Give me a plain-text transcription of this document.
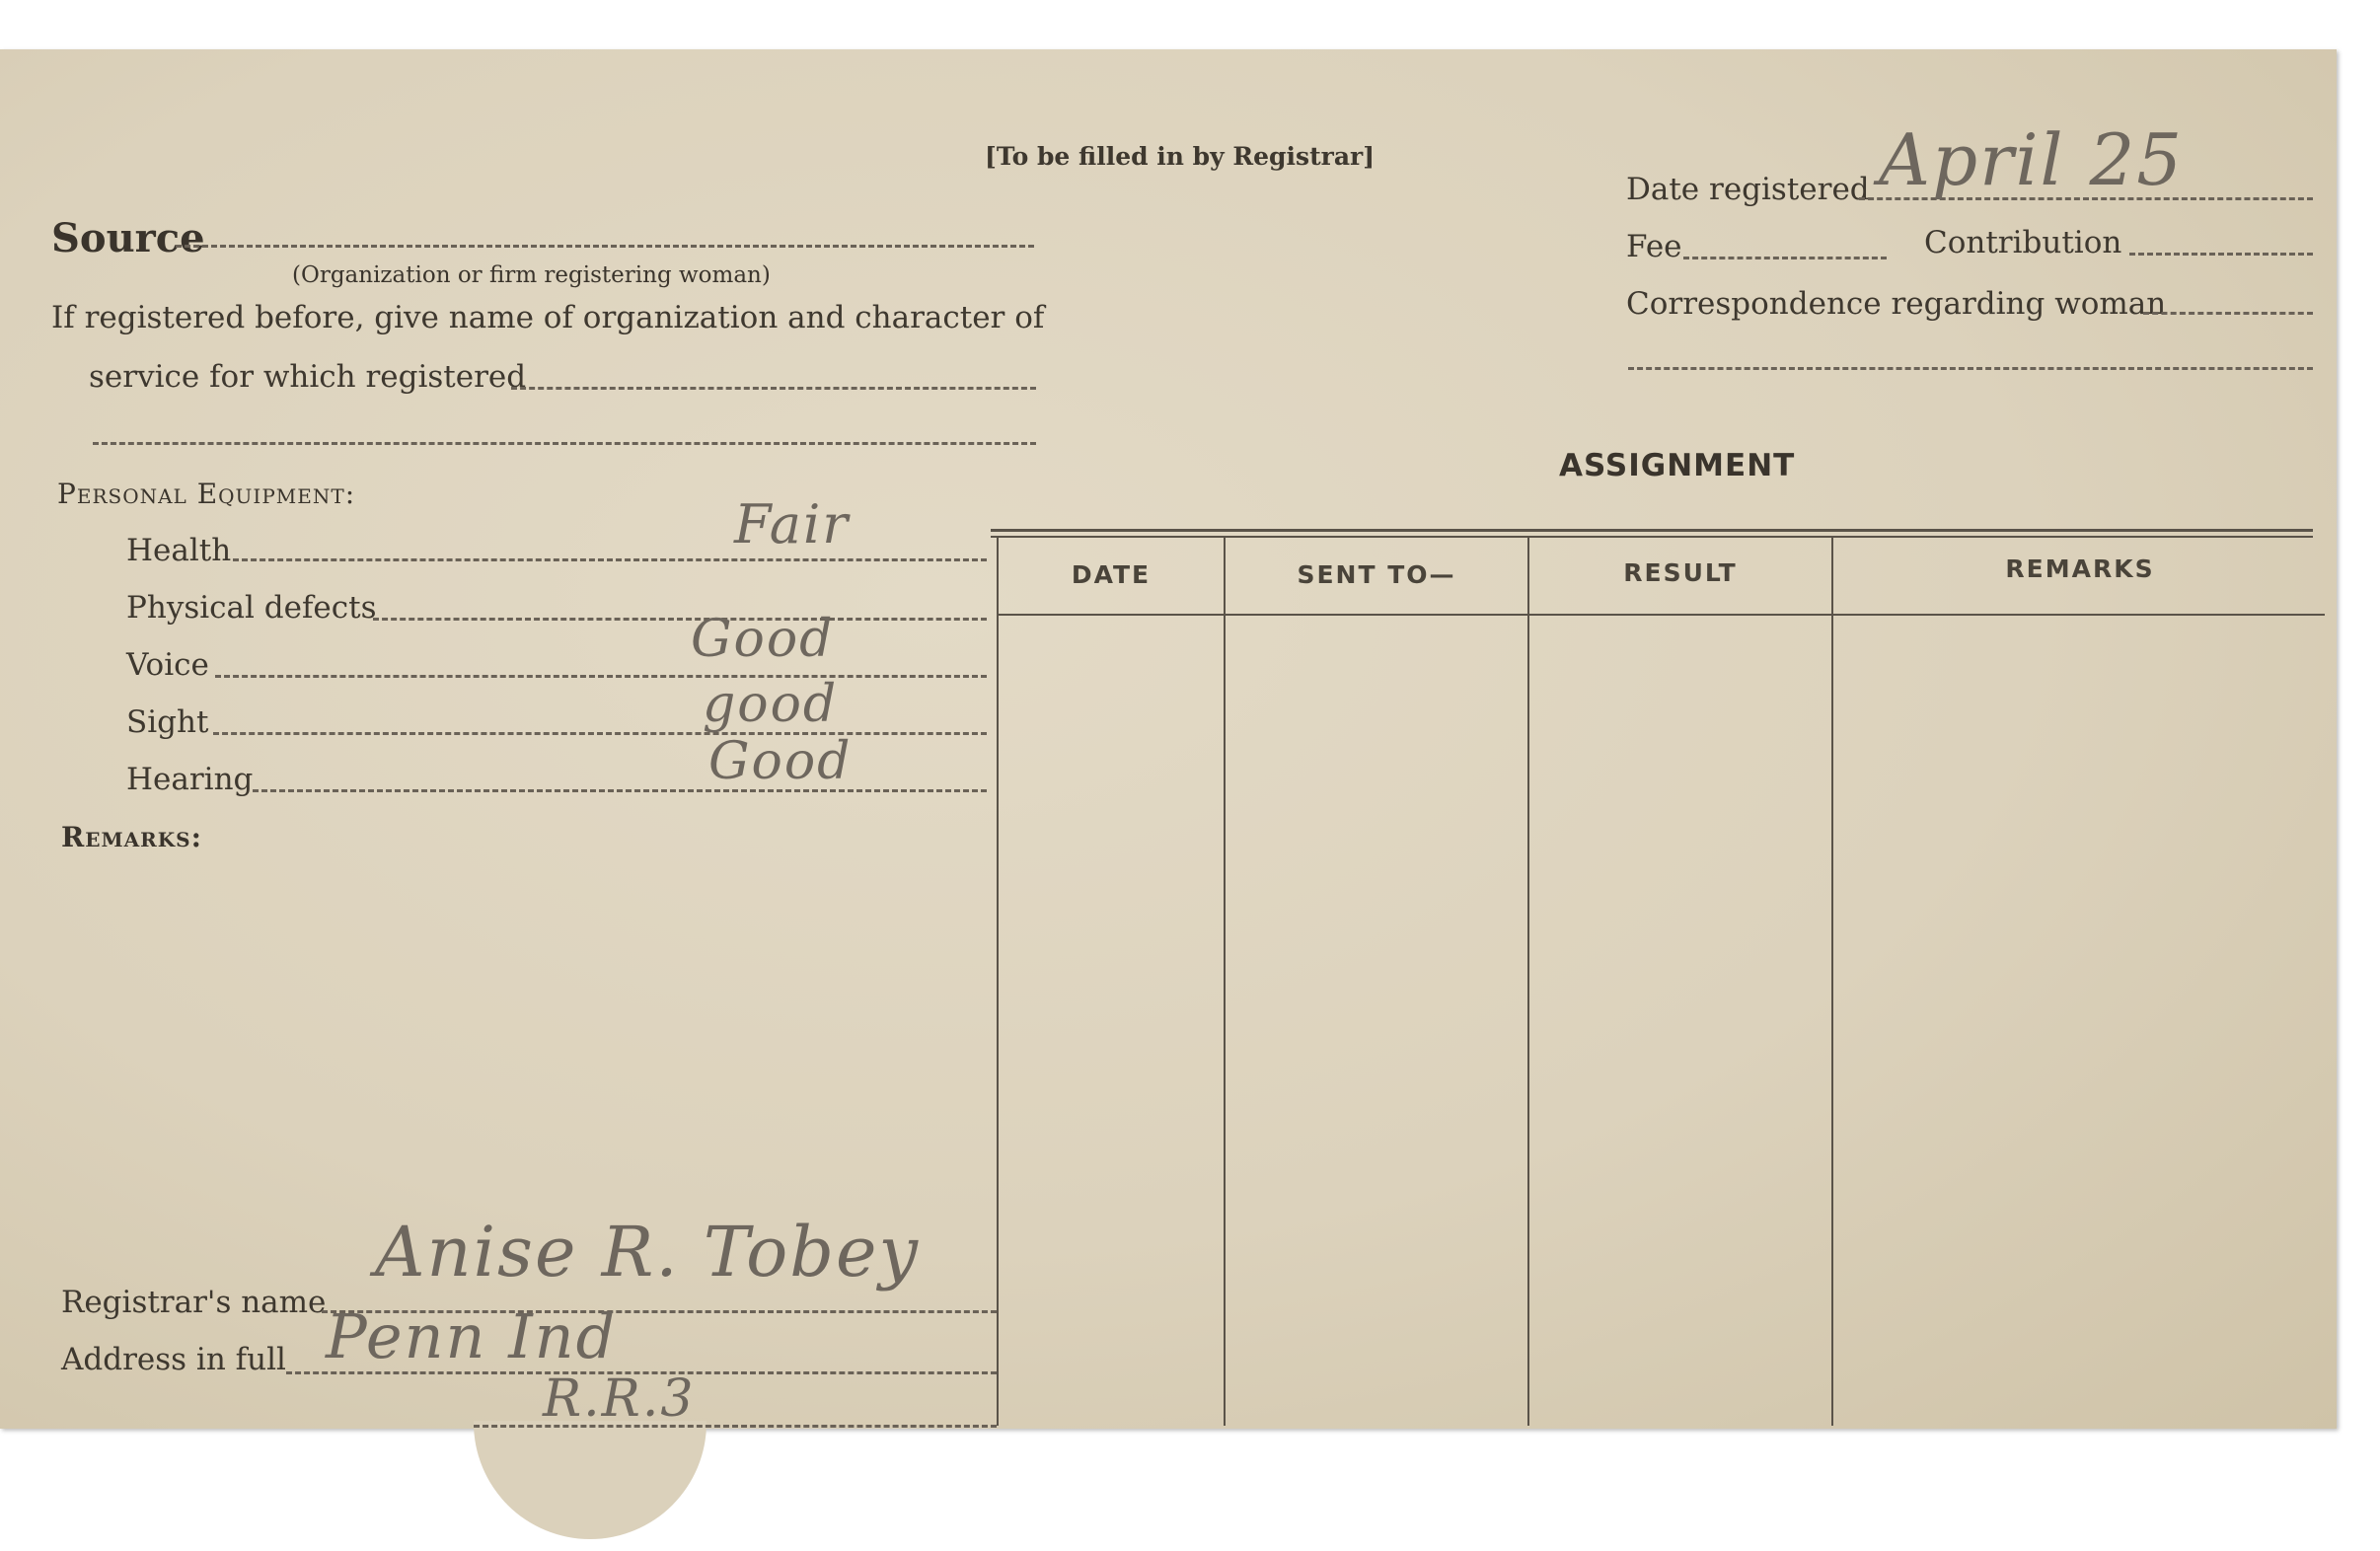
[To be filled in by Registrar]
Source
(Organization or firm registering woman)
If registered before, give name of organization and character of
service for which registered
Personal Equipment:
Health	Fair
Physical defects
Voice	Good
Sight	good
Hearing	Good
Remarks:
Registrar's name
Anise R. Tobey
Address in full Penn Ind
R.R.3
Date registered April 25
Fee	Contribution
Correspondence regarding woman
ASSIGNMENT
DATE	SENT TO—	RESULT	REMARKS
